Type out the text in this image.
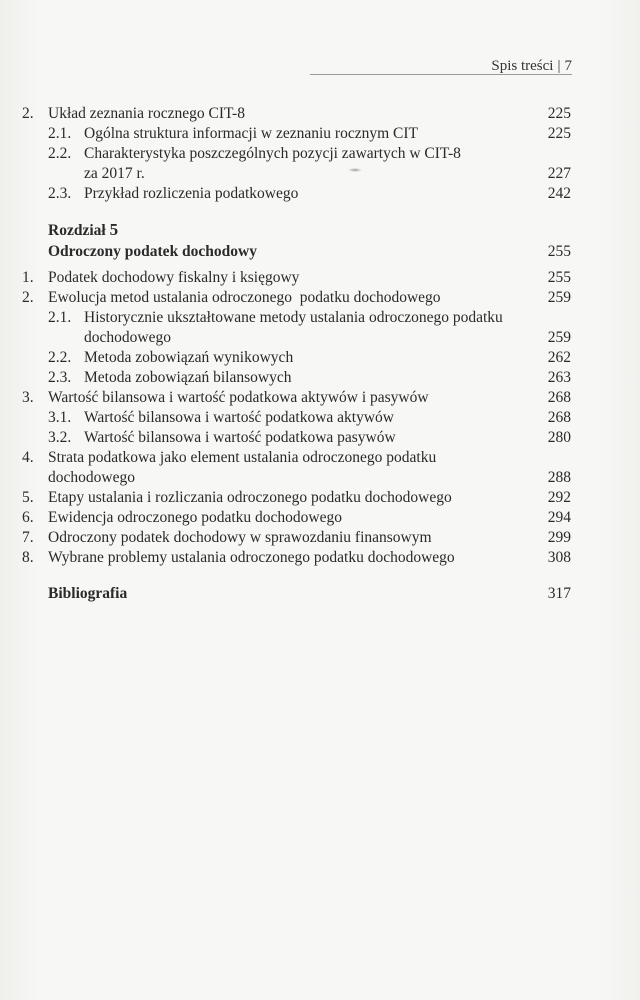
Spis treści | 7
2. Układ zeznania rocznego CIT-8	225
2.1. Ogólna struktura informacji w zeznaniu rocznym CIT	225
2.2. Charakterystyka poszczególnych pozycji zawartych w CIT-8
za 2017 r.	227
2.3. Przykład rozliczenia podatkowego	242
Rozdział 5
Odroczony podatek dochodowy	255
1. Podatek dochodowy fiskalny i księgowy	255
2. Ewolucja metod ustalania odroczonego  podatku dochodowego	259
2.1. Historycznie ukształtowane metody ustalania odroczonego podatku
dochodowego	259
2.2. Metoda zobowiązań wynikowych	262
2.3. Metoda zobowiązań bilansowych	263
3. Wartość bilansowa i wartość podatkowa aktywów i pasywów	268
3.1. Wartość bilansowa i wartość podatkowa aktywów	268
3.2. Wartość bilansowa i wartość podatkowa pasywów	280
4. Strata podatkowa jako element ustalania odroczonego podatku
dochodowego	288
5. Etapy ustalania i rozliczania odroczonego podatku dochodowego	292
6. Ewidencja odroczonego podatku dochodowego	294
7. Odroczony podatek dochodowy w sprawozdaniu finansowym	299
8. Wybrane problemy ustalania odroczonego podatku dochodowego	308
Bibliografia	317
